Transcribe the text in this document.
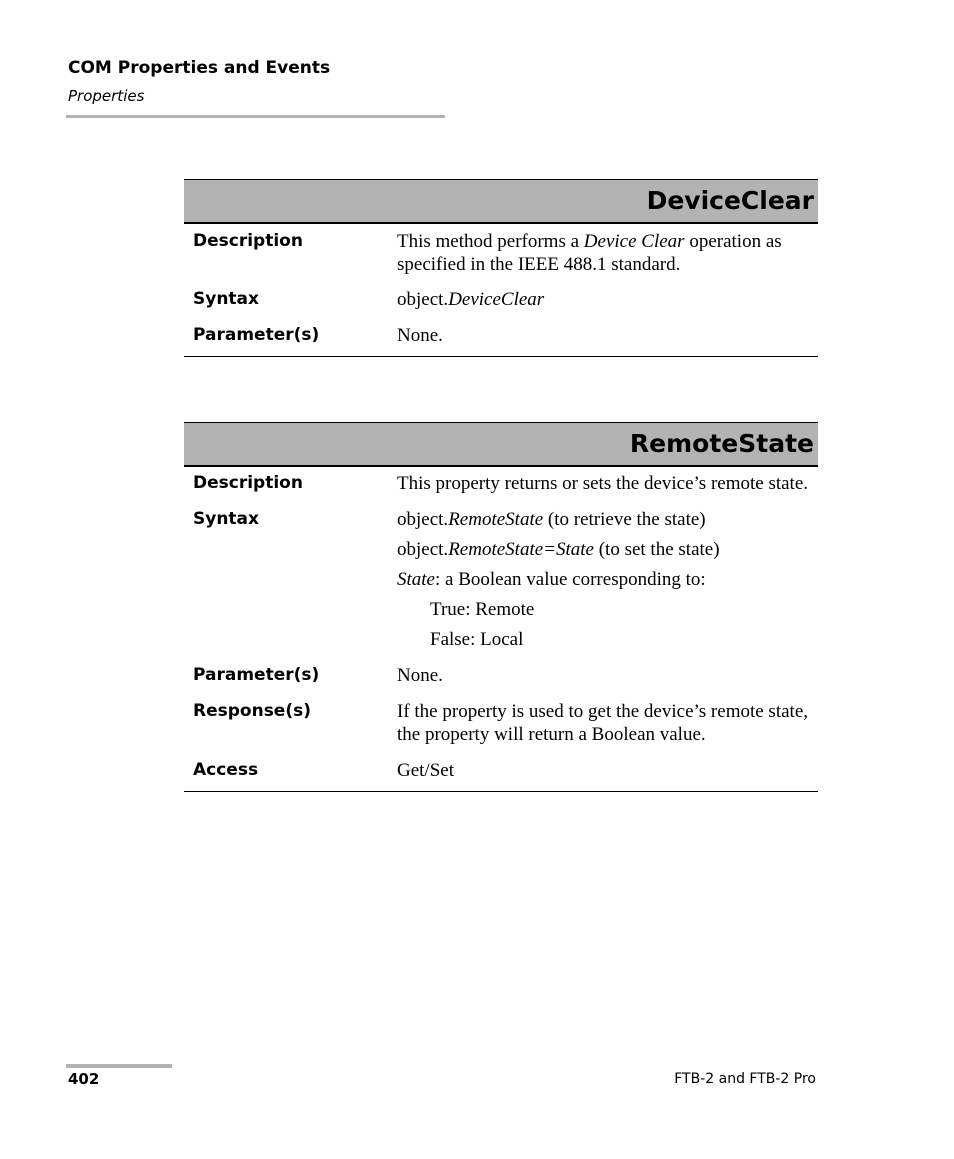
COM Properties and Events
Properties
DeviceClear
Description	This method performs a Device Clear operation as specified in the IEEE 488.1 standard.
Syntax	object.DeviceClear
Parameter(s)	None.
RemoteState
Description	This property returns or sets the device’s remote state.
Syntax	object.RemoteState (to retrieve the state)

object.RemoteState=State (to set the state)

State: a Boolean value corresponding to:

True: Remote

False: Local

Parameter(s)	None.
Response(s)	If the property is used to get the device’s remote state, the property will return a Boolean value.
Access	Get/Set
402	FTB-2 and FTB-2 Pro
